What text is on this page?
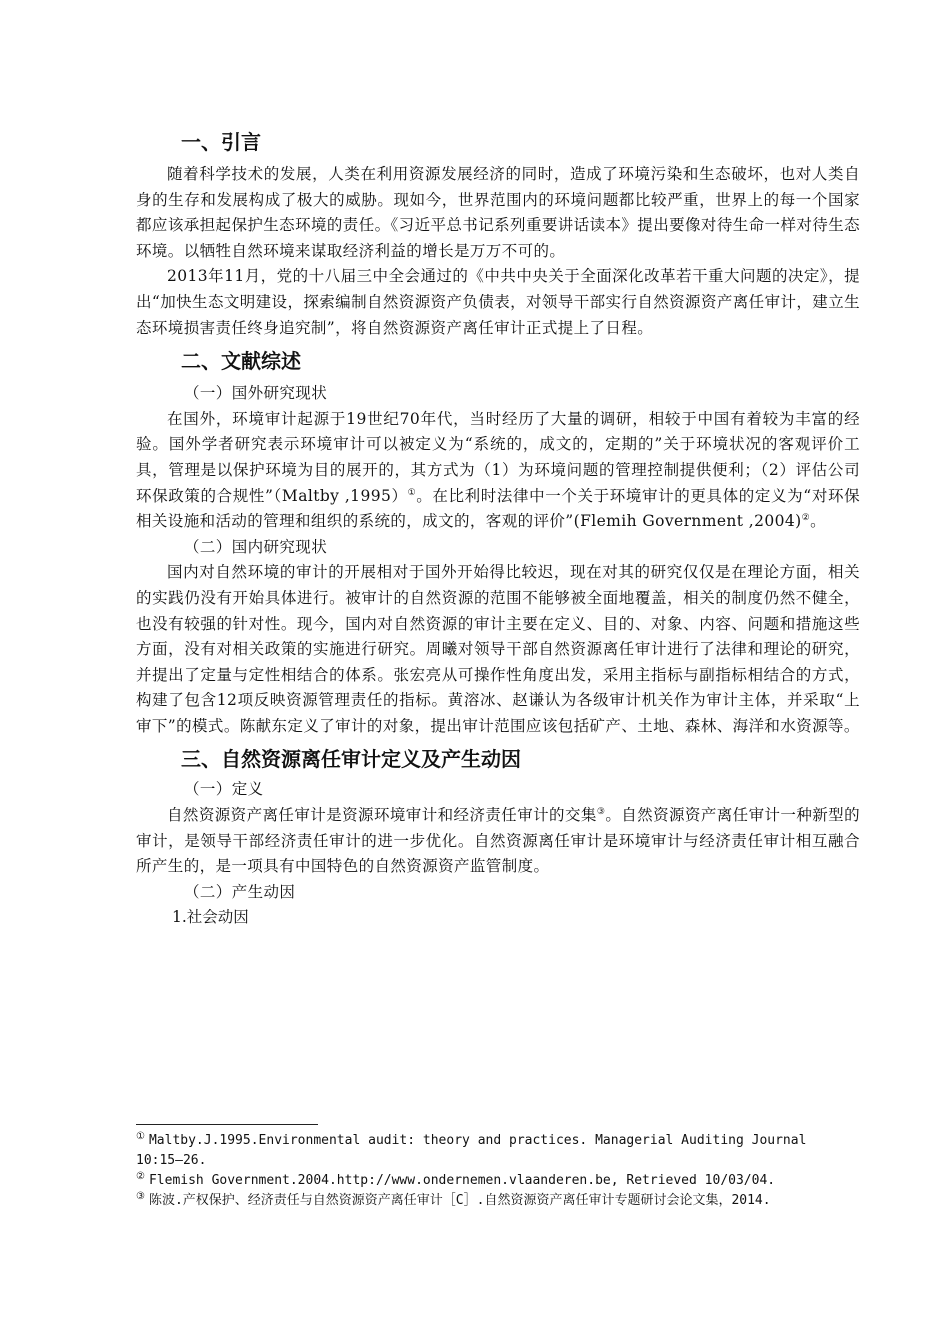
一、引言

随着科学技术的发展，人类在利用资源发展经济的同时，造成了环境污染和生态破坏，也对人类自身的生存和发展构成了极大的威胁。现如今，世界范围内的环境问题都比较严重，世界上的每一个国家都应该承担起保护生态环境的责任。《习近平总书记系列重要讲话读本》提出要像对待生命一样对待生态环境。以牺牲自然环境来谋取经济利益的增长是万万不可的。

2013年11月，党的十八届三中全会通过的《中共中央关于全面深化改革若干重大问题的决定》，提出“加快生态文明建设，探索编制自然资源资产负债表，对领导干部实行自然资源资产离任审计，建立生态环境损害责任终身追究制”，将自然资源资产离任审计正式提上了日程。

二、文献综述

（一）国外研究现状

在国外，环境审计起源于19世纪70年代，当时经历了大量的调研，相较于中国有着较为丰富的经验。国外学者研究表示环境审计可以被定义为“系统的，成文的，定期的”关于环境状况的客观评价工具，管理是以保护环境为目的展开的，其方式为（1）为环境问题的管理控制提供便利；（2）评估公司环保政策的合规性”（Maltby ,1995）①。在比利时法律中一个关于环境审计的更具体的定义为“对环保相关设施和活动的管理和组织的系统的，成文的，客观的评价”(Flemih Government ,2004)②。

（二）国内研究现状

国内对自然环境的审计的开展相对于国外开始得比较迟，现在对其的研究仅仅是在理论方面，相关的实践仍没有开始具体进行。被审计的自然资源的范围不能够被全面地覆盖，相关的制度仍然不健全，也没有较强的针对性。现今，国内对自然资源的审计主要在定义、目的、对象、内容、问题和措施这些方面，没有对相关政策的实施进行研究。周曦对领导干部自然资源离任审计进行了法律和理论的研究，并提出了定量与定性相结合的体系。张宏亮从可操作性角度出发，采用主指标与副指标相结合的方式，构建了包含12项反映资源管理责任的指标。黄溶冰、赵谦认为各级审计机关作为审计主体，并采取“上审下”的模式。陈献东定义了审计的对象，提出审计范围应该包括矿产、土地、森林、海洋和水资源等。

三、自然资源离任审计定义及产生动因

（一）定义

自然资源资产离任审计是资源环境审计和经济责任审计的交集③。自然资源资产离任审计一种新型的审计，是领导干部经济责任审计的进一步优化。自然资源离任审计是环境审计与经济责任审计相互融合所产生的，是一项具有中国特色的自然资源资产监管制度。

（二）产生动因

1.社会动因

① Maltby.J.1995.Environmental audit: theory and practices. Managerial Auditing Journal 10:15–26.

② Flemish Government.2004.http://www.ondernemen.vlaanderen.be, Retrieved 10/03/04.

③ 陈波.产权保护、经济责任与自然资源资产离任审计［C］.自然资源资产离任审计专题研讨会论文集，2014.
